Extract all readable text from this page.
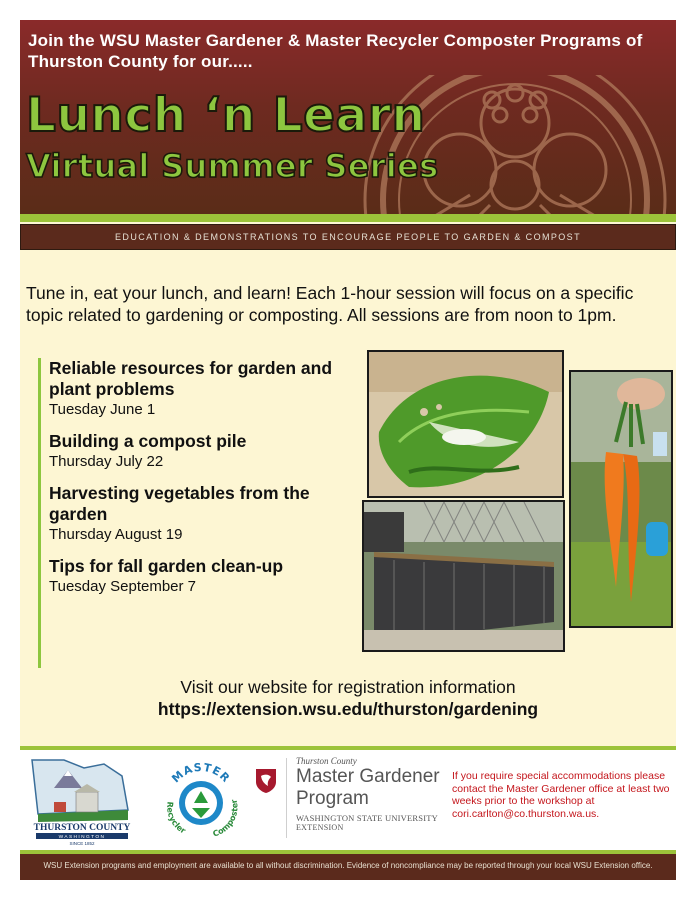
Join the WSU Master Gardener & Master Recycler Composter Programs of Thurston County for our.....
Lunch ‘n Learn
Virtual Summer Series
EDUCATION & DEMONSTRATIONS TO ENCOURAGE PEOPLE TO GARDEN & COMPOST

Tune in, eat your lunch, and learn! Each 1-hour session will focus on a specific topic related to gardening or composting. All sessions are from noon to 1pm.

Reliable resources for garden and plant problems
Tuesday June 1
Building a compost pile
Thursday July 22
Harvesting vegetables from the garden
Thursday August 19
Tips for fall garden clean-up
Tuesday September 7
Visit our website for registration information
https://extension.wsu.edu/thurston/gardening
THURSTON COUNTY
WASHINGTON
SINCE 1852
MASTER
Recycler	Composter
Thurston County
Master Gardener
Program
WASHINGTON STATE UNIVERSITY
EXTENSION
If you require special accommodations please contact the Master Gardener office at least two weeks prior to the workshop at cori.carlton@co.thurston.wa.us.
WSU Extension programs and employment are available to all without discrimination. Evidence of noncompliance may be reported through your local WSU Extension office.
